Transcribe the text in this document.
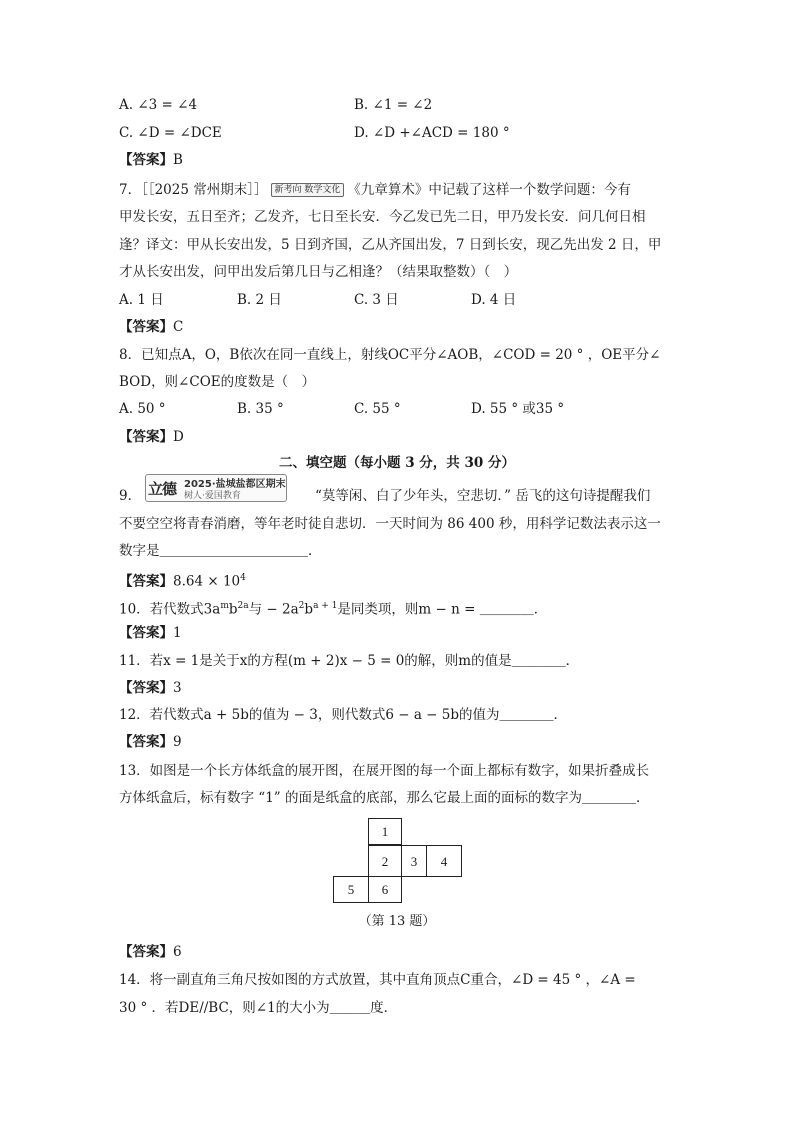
A. ∠3 = ∠4	B. ∠1 = ∠2
C. ∠D = ∠DCE	D. ∠D +∠ACD = 180 °
【答案】B
7．［［2025 常州期末］］ 新考向 数学文化 《九章算术》中记载了这样一个数学问题：今有
甲发长安，五日至齐；乙发齐，七日至长安．今乙发已先二日，甲乃发长安．问几何日相
逢？译文：甲从长安出发，5 日到齐国，乙从齐国出发，7 日到长安，现乙先出发 2 日，甲
才从长安出发，问甲出发后第几日与乙相逢？（结果取整数）（　）
A. 1 日	B. 2 日	C. 3 日	D. 4 日
【答案】C
8．已知点A，O，B依次在同一直线上，射线OC平分∠AOB，∠COD = 20 ° ，OE平分∠
BOD，则∠COE的度数是（　）
A. 50 °	B. 35 °	C. 55 °	D. 55 ° 或35 °
【答案】D
二、填空题（每小题 3 分，共 30 分）
9． 立德 2025·盐城盐都区期末
树人·爱国教育	“莫等闲、白了少年头，空悲切．” 岳飞的这句诗提醒我们
不要空空将青春消磨，等年老时徒自悲切．一天时间为 86 400 秒，用科学记数法表示这一
数字是＿＿＿＿＿＿＿＿＿＿＿．
【答案】$8.64 \times 10^4$
10．若代数式$3a^mb^{2a}$与 − $2a^2b^{a + 1}$是同类项，则m − n = ＿＿＿＿．
【答案】1
11．若x = 1是关于x的方程(m + 2)x − 5 = 0的解，则m的值是＿＿＿＿．
【答案】3
12．若代数式a + 5b的值为 − 3，则代数式6 − a − 5b的值为＿＿＿＿．
【答案】9
13．如图是一个长方体纸盒的展开图，在展开图的每一个面上都标有数字，如果折叠成长
方体纸盒后，标有数字 “1” 的面是纸盒的底部，那么它最上面的面标的数字为＿＿＿＿．
1
2	3	4
5	6
（第 13 题）
【答案】6
14．将一副直角三角尺按如图的方式放置，其中直角顶点C重合，∠D = 45 ° ，∠A =
30 ° ．若DE//BC，则∠1的大小为＿＿＿度．
